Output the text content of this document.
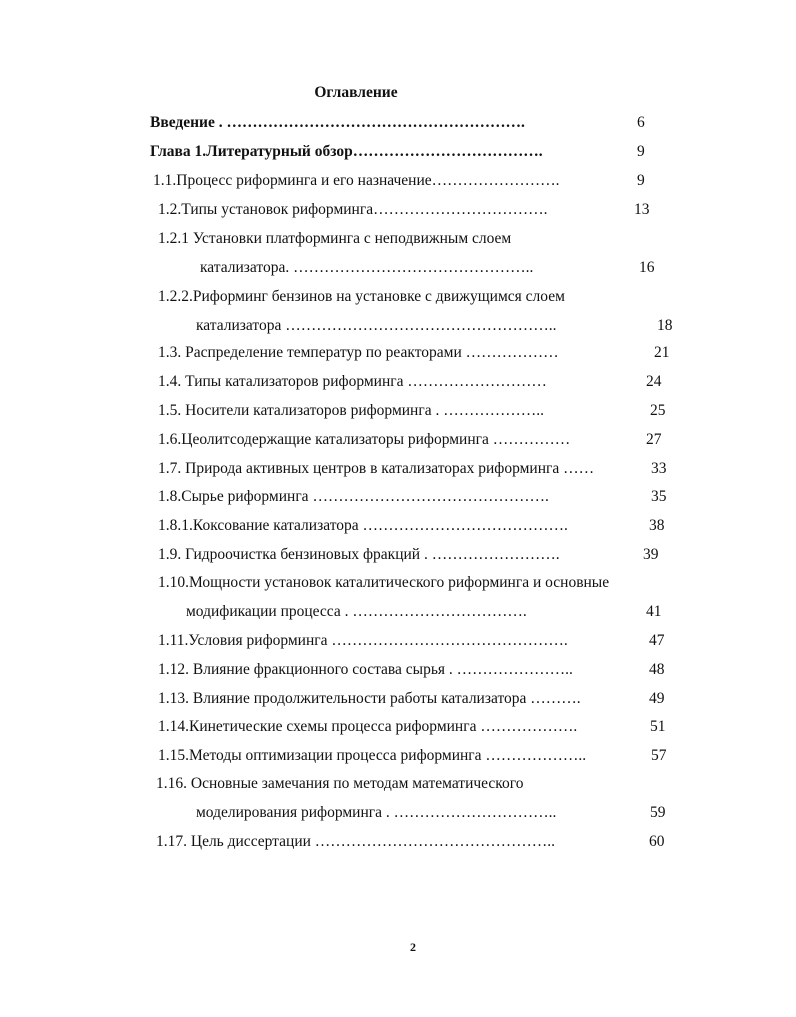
Оглавление
Введение . ………………………………………………….
Глава 1.Литературный обзор……………………………….
1.1.Процесс риформинга и его назначение…………………….
1.2.Типы установок риформинга…………………………….
1.2.1 Установки платформинга с неподвижным слоем
катализатора. ………………………………………..
1.2.2.Риформинг бензинов на установке с движущимся слоем
катализатора ……………………………………………..
1.3. Распределение температур по реакторами ………………
1.4. Типы катализаторов риформинга ………………………
1.5. Носители катализаторов риформинга . ………………..
1.6.Цеолитсодержащие катализаторы риформинга ……………
1.7. Природа активных центров в катализаторах риформинга ……
1.8.Сырье риформинга ……………………………………….
1.8.1.Коксование катализатора ………………………………….
1.9. Гидроочистка бензиновых фракций . …………………….
1.10.Мощности установок каталитического риформинга и основные
модификации процесса . …………………………….
1.11.Условия риформинга ……………………………………….
1.12. Влияние фракционного состава сырья . …………………..
1.13. Влияние продолжительности работы катализатора ……….
1.14.Кинетические схемы процесса риформинга ……………….
1.15.Методы оптимизации процесса риформинга ………………..
1.16. Основные замечания по методам математического
моделирования риформинга . …………………………..
1.17. Цель диссертации ………………………………………..
6
9
9
13
16
18
21
24
25
27
33
35
38
39
41
47
48
49
51
57
59
60
2
